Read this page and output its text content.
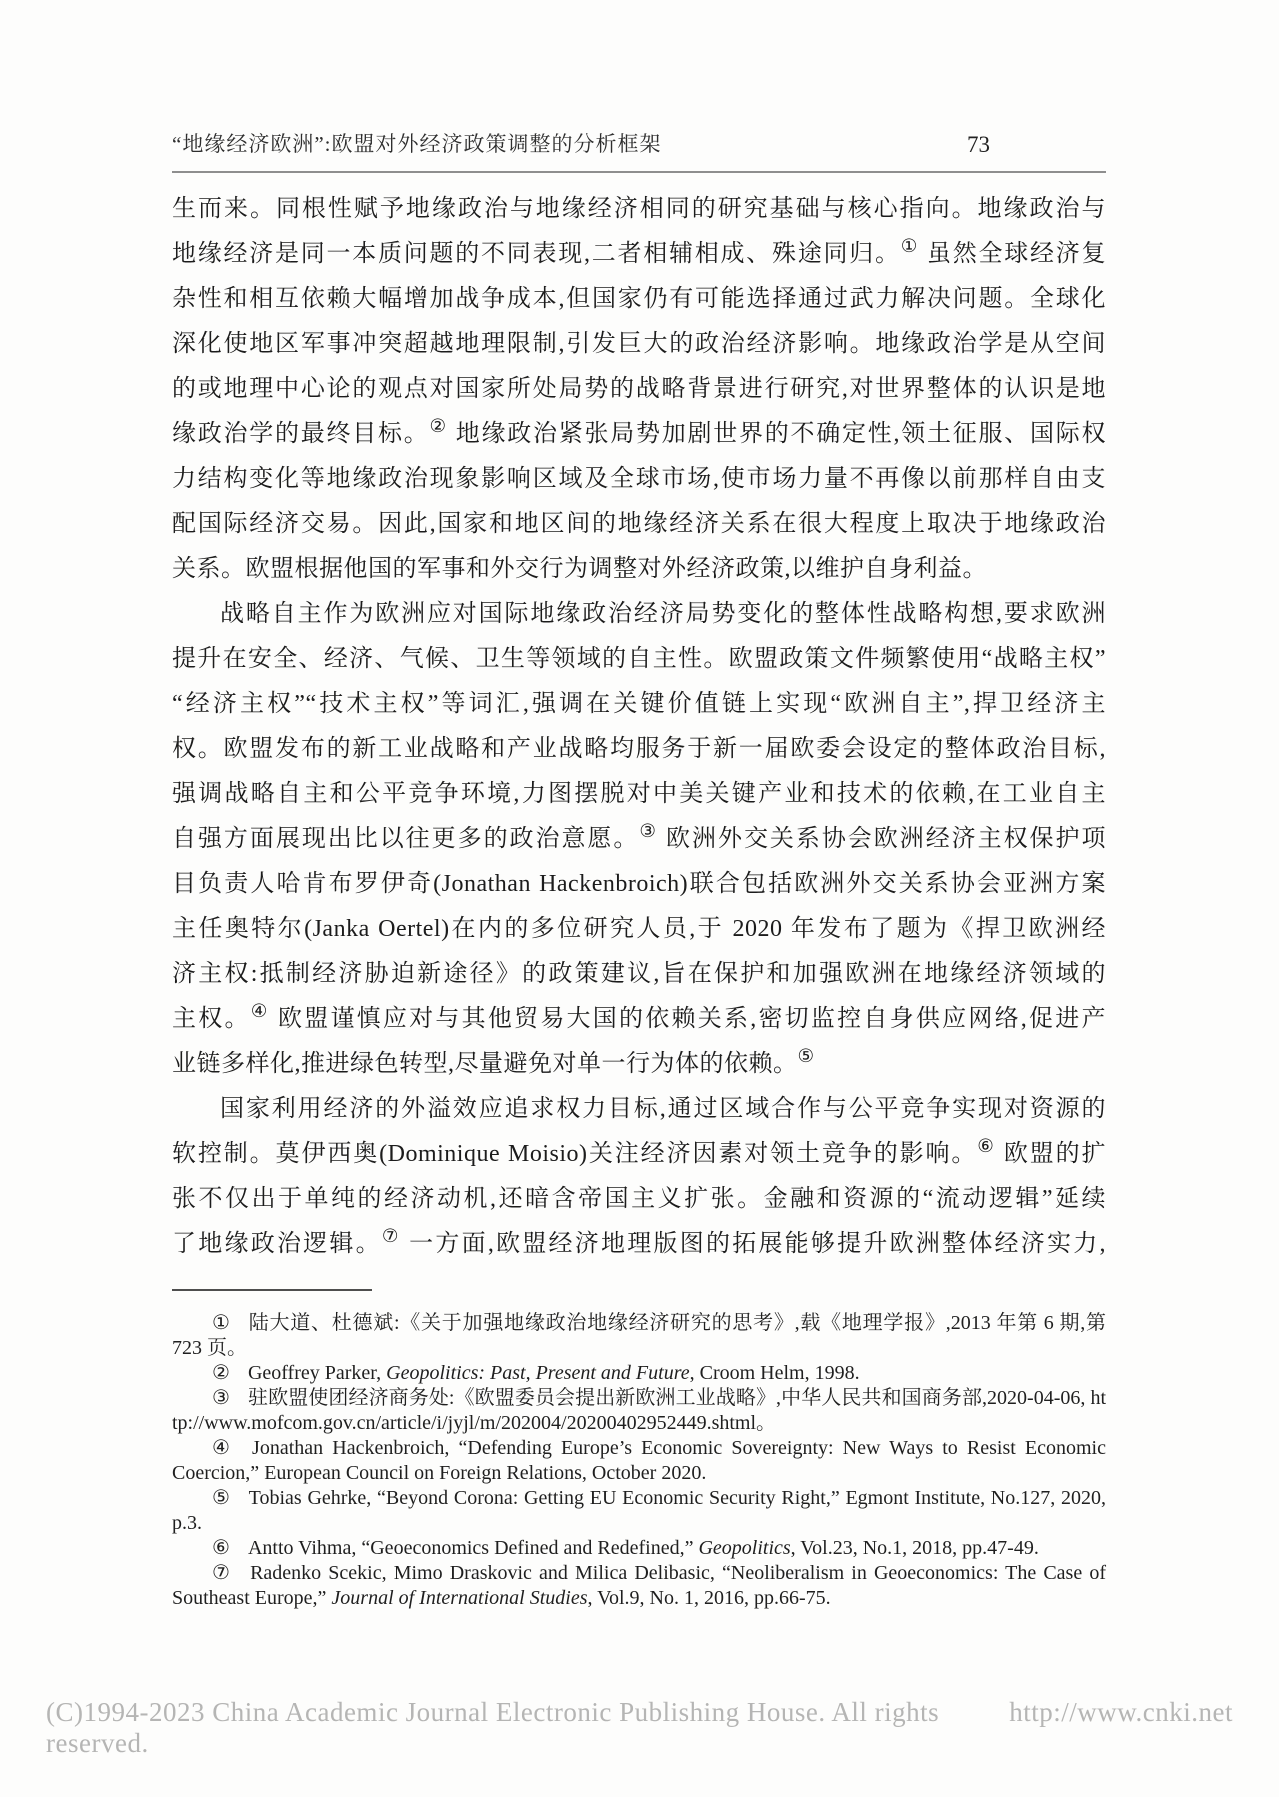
“地缘经济欧洲”:欧盟对外经济政策调整的分析框架	73
生而来。同根性赋予地缘政治与地缘经济相同的研究基础与核心指向。地缘政治与
地缘经济是同一本质问题的不同表现,二者相辅相成、殊途同归。① 虽然全球经济复
杂性和相互依赖大幅增加战争成本,但国家仍有可能选择通过武力解决问题。全球化
深化使地区军事冲突超越地理限制,引发巨大的政治经济影响。地缘政治学是从空间
的或地理中心论的观点对国家所处局势的战略背景进行研究,对世界整体的认识是地
缘政治学的最终目标。② 地缘政治紧张局势加剧世界的不确定性,领土征服、国际权
力结构变化等地缘政治现象影响区域及全球市场,使市场力量不再像以前那样自由支
配国际经济交易。因此,国家和地区间的地缘经济关系在很大程度上取决于地缘政治
关系。欧盟根据他国的军事和外交行为调整对外经济政策,以维护自身利益。
战略自主作为欧洲应对国际地缘政治经济局势变化的整体性战略构想,要求欧洲
提升在安全、经济、气候、卫生等领域的自主性。欧盟政策文件频繁使用“战略主权”
“经济主权”“技术主权”等词汇,强调在关键价值链上实现“欧洲自主”,捍卫经济主
权。欧盟发布的新工业战略和产业战略均服务于新一届欧委会设定的整体政治目标,
强调战略自主和公平竞争环境,力图摆脱对中美关键产业和技术的依赖,在工业自主
自强方面展现出比以往更多的政治意愿。③ 欧洲外交关系协会欧洲经济主权保护项
目负责人哈肯布罗伊奇(Jonathan Hackenbroich)联合包括欧洲外交关系协会亚洲方案
主任奥特尔(Janka Oertel)在内的多位研究人员,于 2020 年发布了题为《捍卫欧洲经
济主权:抵制经济胁迫新途径》的政策建议,旨在保护和加强欧洲在地缘经济领域的
主权。④ 欧盟谨慎应对与其他贸易大国的依赖关系,密切监控自身供应网络,促进产
业链多样化,推进绿色转型,尽量避免对单一行为体的依赖。⑤
国家利用经济的外溢效应追求权力目标,通过区域合作与公平竞争实现对资源的
软控制。莫伊西奥(Dominique Moisio)关注经济因素对领土竞争的影响。⑥ 欧盟的扩
张不仅出于单纯的经济动机,还暗含帝国主义扩张。金融和资源的“流动逻辑”延续
了地缘政治逻辑。⑦ 一方面,欧盟经济地理版图的拓展能够提升欧洲整体经济实力,
① 陆大道、杜德斌:《关于加强地缘政治地缘经济研究的思考》,载《地理学报》,2013 年第 6 期,第 723 页。
② Geoffrey Parker, Geopolitics: Past, Present and Future, Croom Helm, 1998.
③ 驻欧盟使团经济商务处:《欧盟委员会提出新欧洲工业战略》,中华人民共和国商务部,2020-04-06, http://www.mofcom.gov.cn/article/i/jyjl/m/202004/20200402952449.shtml。
④ Jonathan Hackenbroich, “Defending Europe’s Economic Sovereignty: New Ways to Resist Economic Coercion,” European Council on Foreign Relations, October 2020.
⑤ Tobias Gehrke, “Beyond Corona: Getting EU Economic Security Right,” Egmont Institute, No.127, 2020, p.3.
⑥ Antto Vihma, “Geoeconomics Defined and Redefined,” Geopolitics, Vol.23, No.1, 2018, pp.47-49.
⑦ Radenko Scekic, Mimo Draskovic and Milica Delibasic, “Neoliberalism in Geoeconomics: The Case of Southeast Europe,” Journal of International Studies, Vol.9, No. 1, 2016, pp.66-75.
(C)1994-2023 China Academic Journal Electronic Publishing House. All rights reserved.
http://www.cnki.net
